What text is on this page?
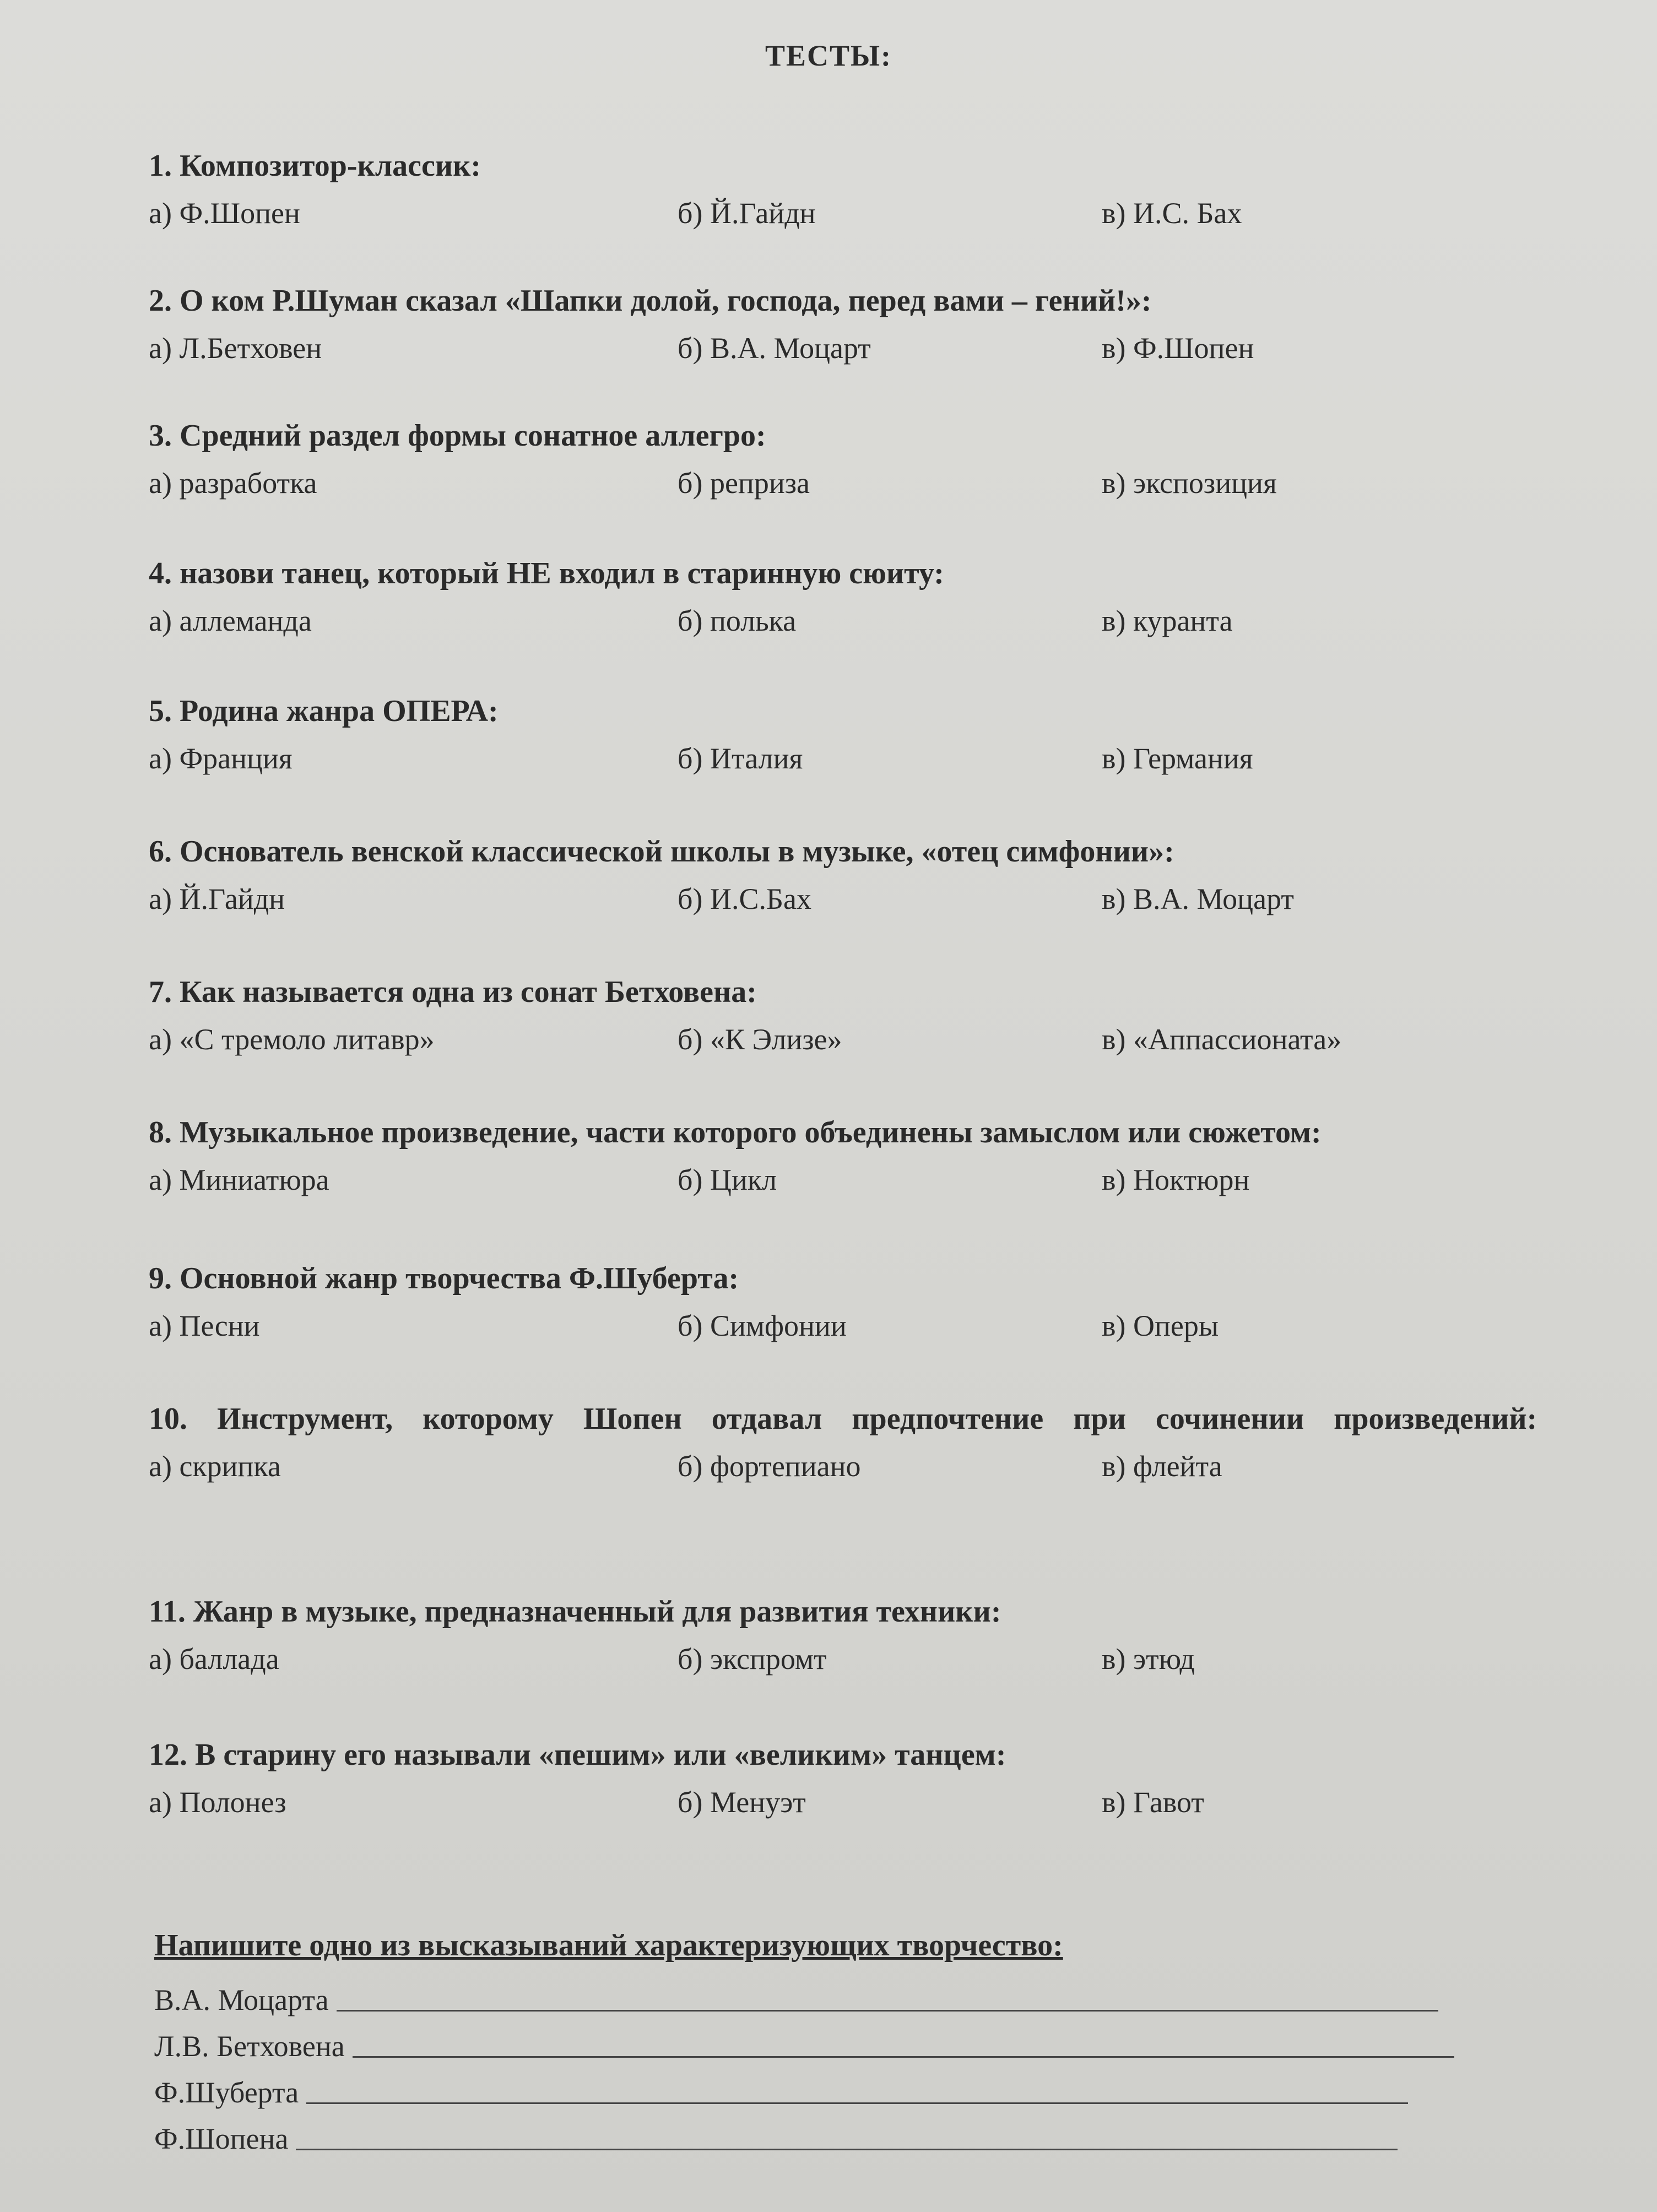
ТЕСТЫ:

1. Композитор-классик:

а) Ф.Шопен	б) Й.Гайдн	в) И.С. Бах

2. О ком Р.Шуман сказал «Шапки долой, господа, перед вами – гений!»:

а) Л.Бетховен	б) В.А. Моцарт	в) Ф.Шопен

3. Средний раздел формы сонатное аллегро:

а) разработка	б) реприза	в) экспозиция

4. назови танец, который НЕ входил в старинную сюиту:

а) аллеманда	б) полька	в) куранта

5. Родина жанра ОПЕРА:

а) Франция	б) Италия	в) Германия

6. Основатель венской классической школы в музыке, «отец симфонии»:

а) Й.Гайдн	б) И.С.Бах	в) В.А. Моцарт

7. Как называется одна из сонат Бетховена:

а) «С тремоло литавр»	б) «К Элизе»	в) «Аппассионата»

8. Музыкальное произведение, части которого объединены замыслом или сюжетом:

а) Миниатюра	б) Цикл	в) Ноктюрн

9. Основной жанр творчества Ф.Шуберта:

а) Песни	б) Симфонии	в) Оперы

10. Инструмент, которому Шопен отдавал предпочтение при сочинении произведений:

а) скрипка	б) фортепиано	в) флейта

11. Жанр в музыке, предназначенный для развития техники:

а) баллада	б) экспромт	в) этюд

12. В старину его называли «пешим» или «великим» танцем:

а) Полонез	б) Менуэт	в) Гавот

Напишите одно из высказываний характеризующих творчество:

В.А. Моцарта
Л.В. Бетховена
Ф.Шуберта
Ф.Шопена
